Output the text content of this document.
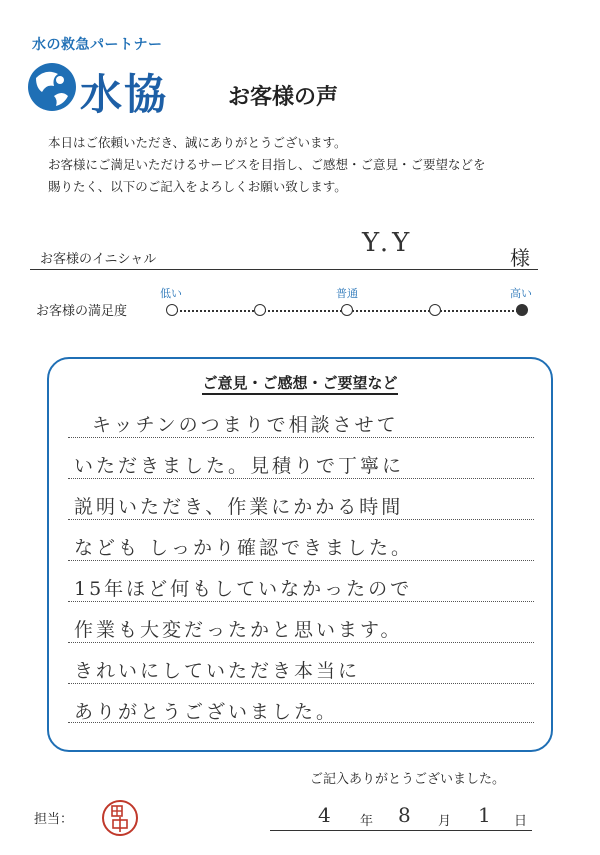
水の救急パートナー
水協	お客様の声
本日はご依頼いただき、誠にありがとうございます。
お客様にご満足いただけるサービスを目指し、ご感想・ご意見・ご要望などを
賜りたく、以下のご記入をよろしくお願い致します。
お客様のイニシャル
Y.Y	様
お客様の満足度
低い	普通	高い
ご意見・ご感想・ご要望など
キッチンのつまりで相談させて
いただきました。見積りで丁寧に
説明いただき、作業にかかる時間
なども しっかり確認できました。
15年ほど何もしていなかったので
作業も大変だったかと思います。
きれいにしていただき本当に
ありがとうございました。
ご記入ありがとうございました。
担当：	4 年 8 月 1 日
